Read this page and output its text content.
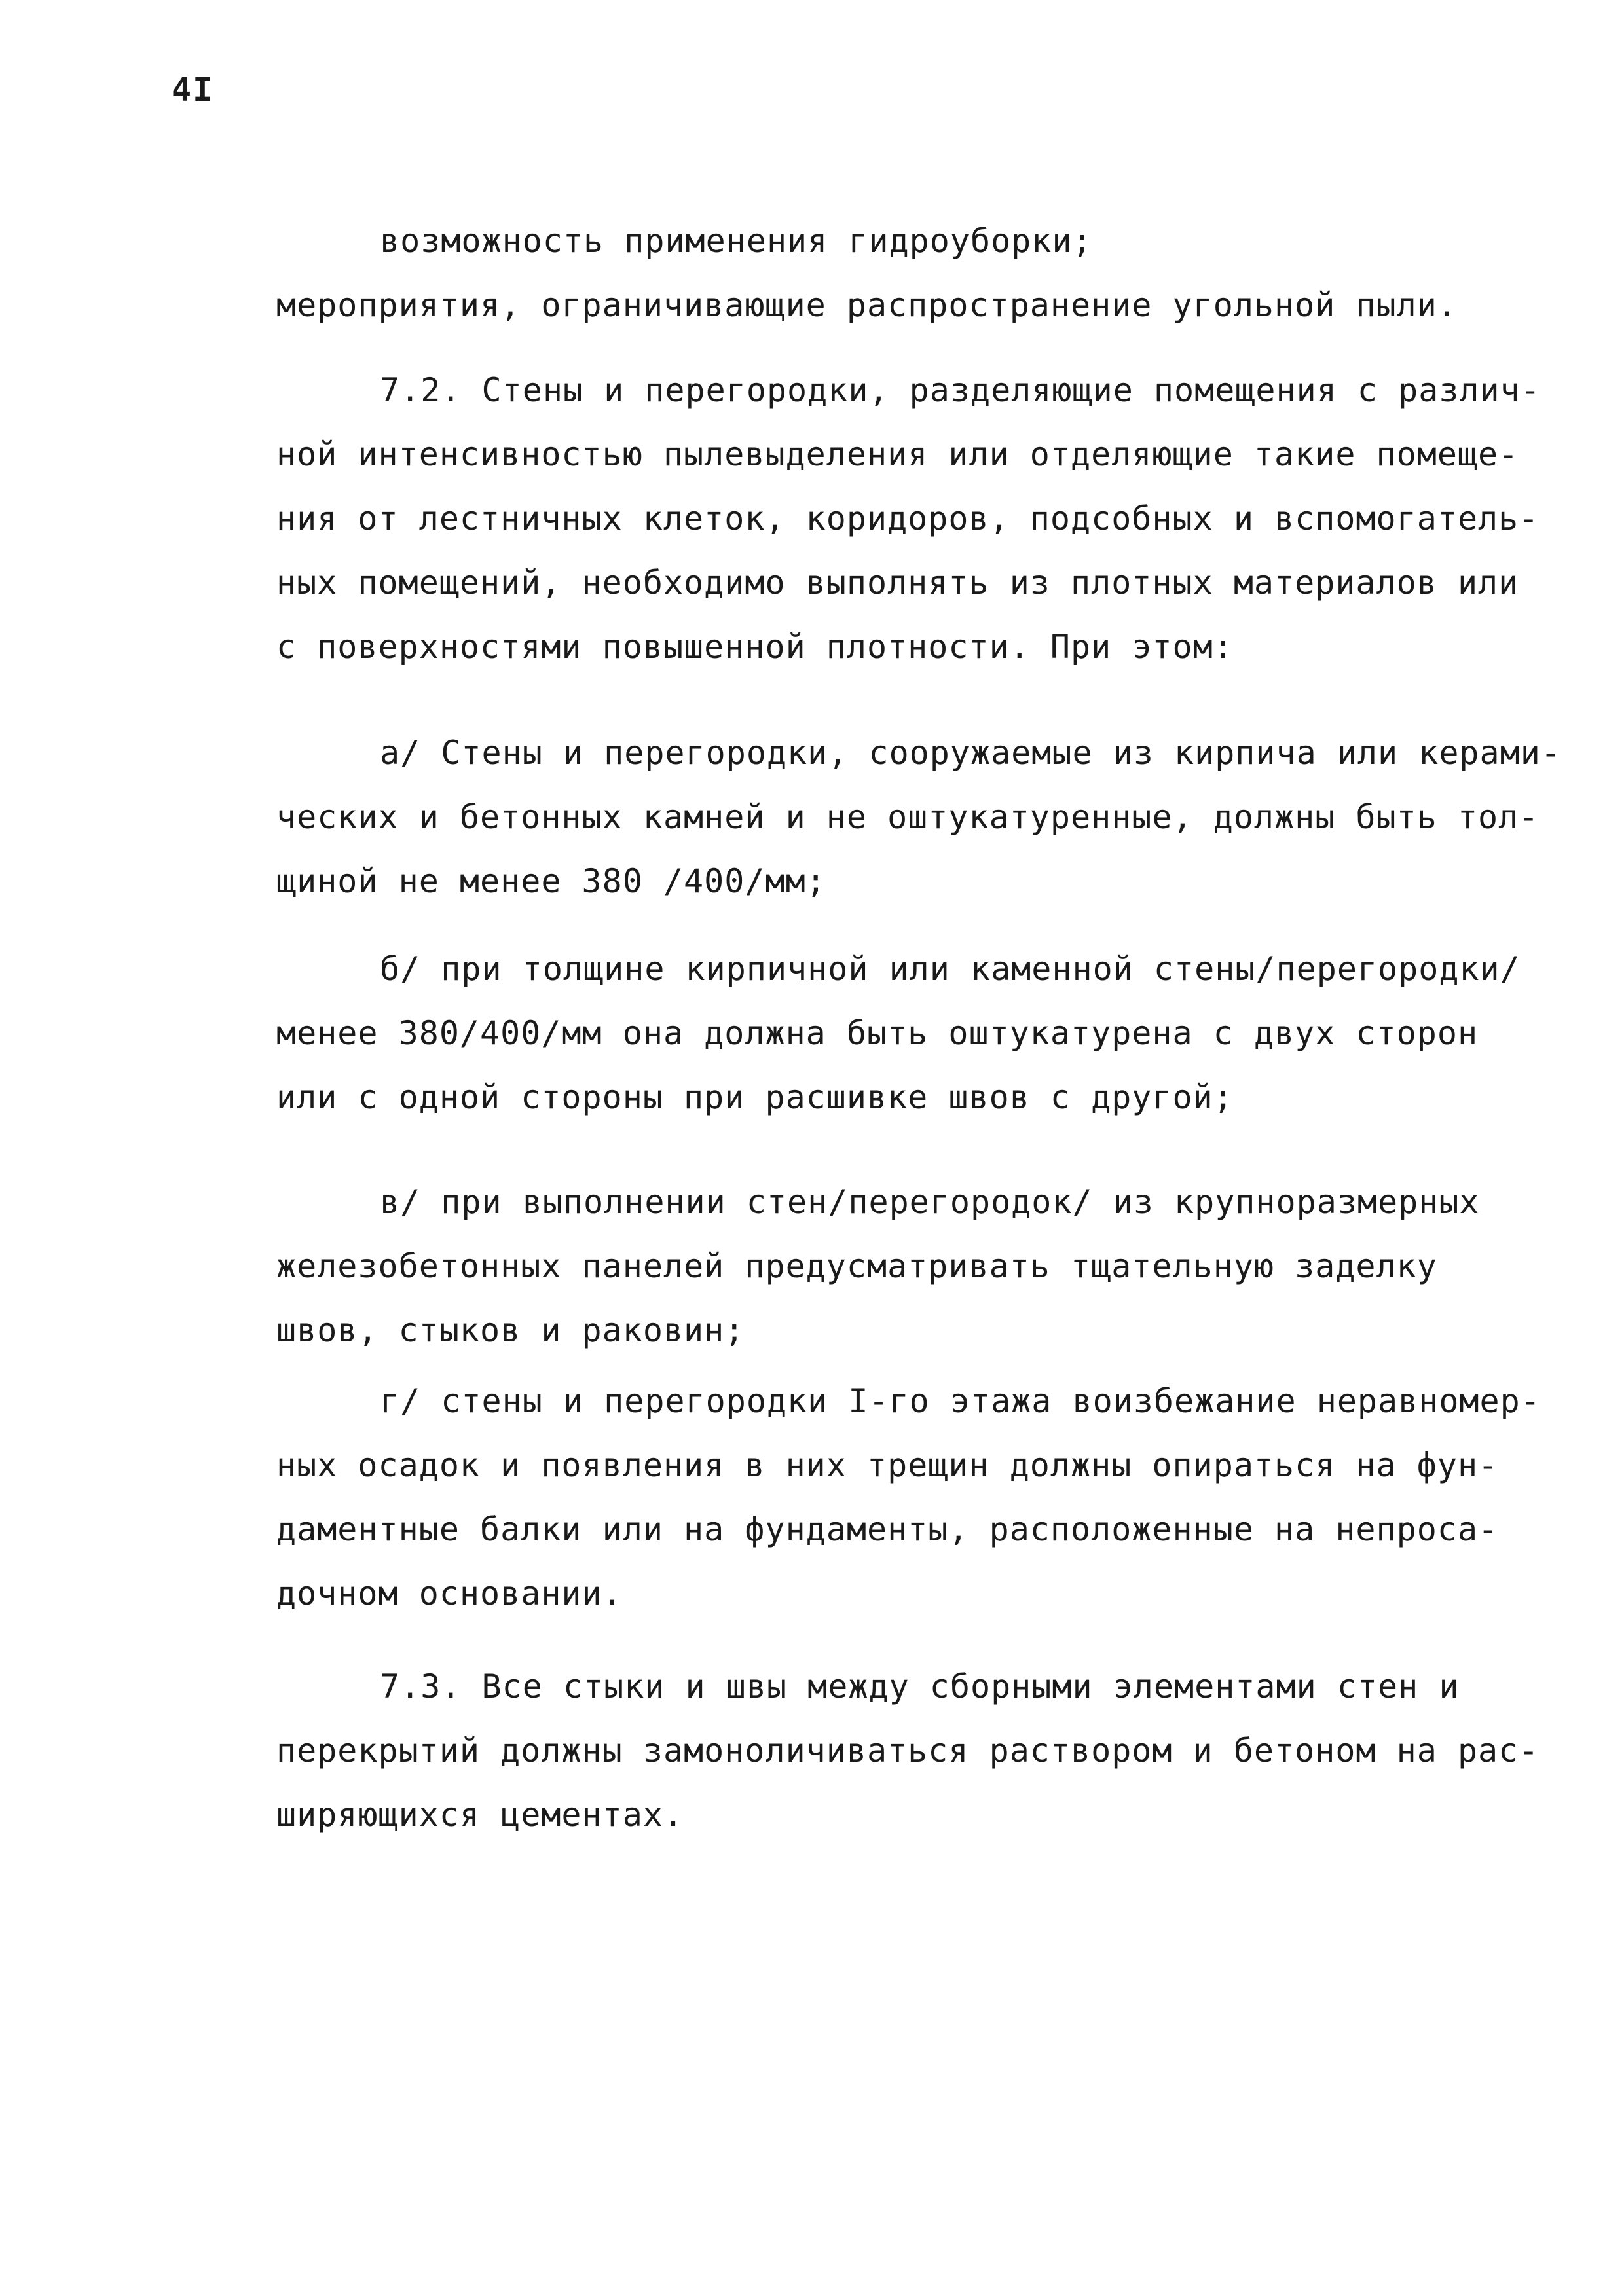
4I
возможность применения гидроуборки;
мероприятия, ограничивающие распространение угольной пыли.
7.2. Стены и перегородки, разделяющие помещения с различ-
ной интенсивностью пылевыделения или отделяющие такие помеще-
ния от лестничных клеток, коридоров, подсобных и вспомогатель-
ных помещений, необходимо выполнять из плотных материалов или
с поверхностями повышенной плотности. При этом:
а/ Стены и перегородки, сооружаемые из кирпича или керами-
ческих и бетонных камней и не оштукатуренные, должны быть тол-
щиной не менее 380 /400/мм;
б/ при толщине кирпичной или каменной стены/перегородки/
менее 380/400/мм она должна быть оштукатурена с двух сторон
или с одной стороны при расшивке швов с другой;
в/ при выполнении стен/перегородок/ из крупноразмерных
железобетонных панелей предусматривать тщательную заделку
швов, стыков и раковин;
г/ стены и перегородки I-го этажа воизбежание неравномер-
ных осадок и появления в них трещин должны опираться на фун-
даментные балки или на фундаменты, расположенные на непроса-
дочном основании.
7.3. Все стыки и швы между сборными элементами стен и
перекрытий должны замоноличиваться раствором и бетоном на рас-
ширяющихся цементах.
